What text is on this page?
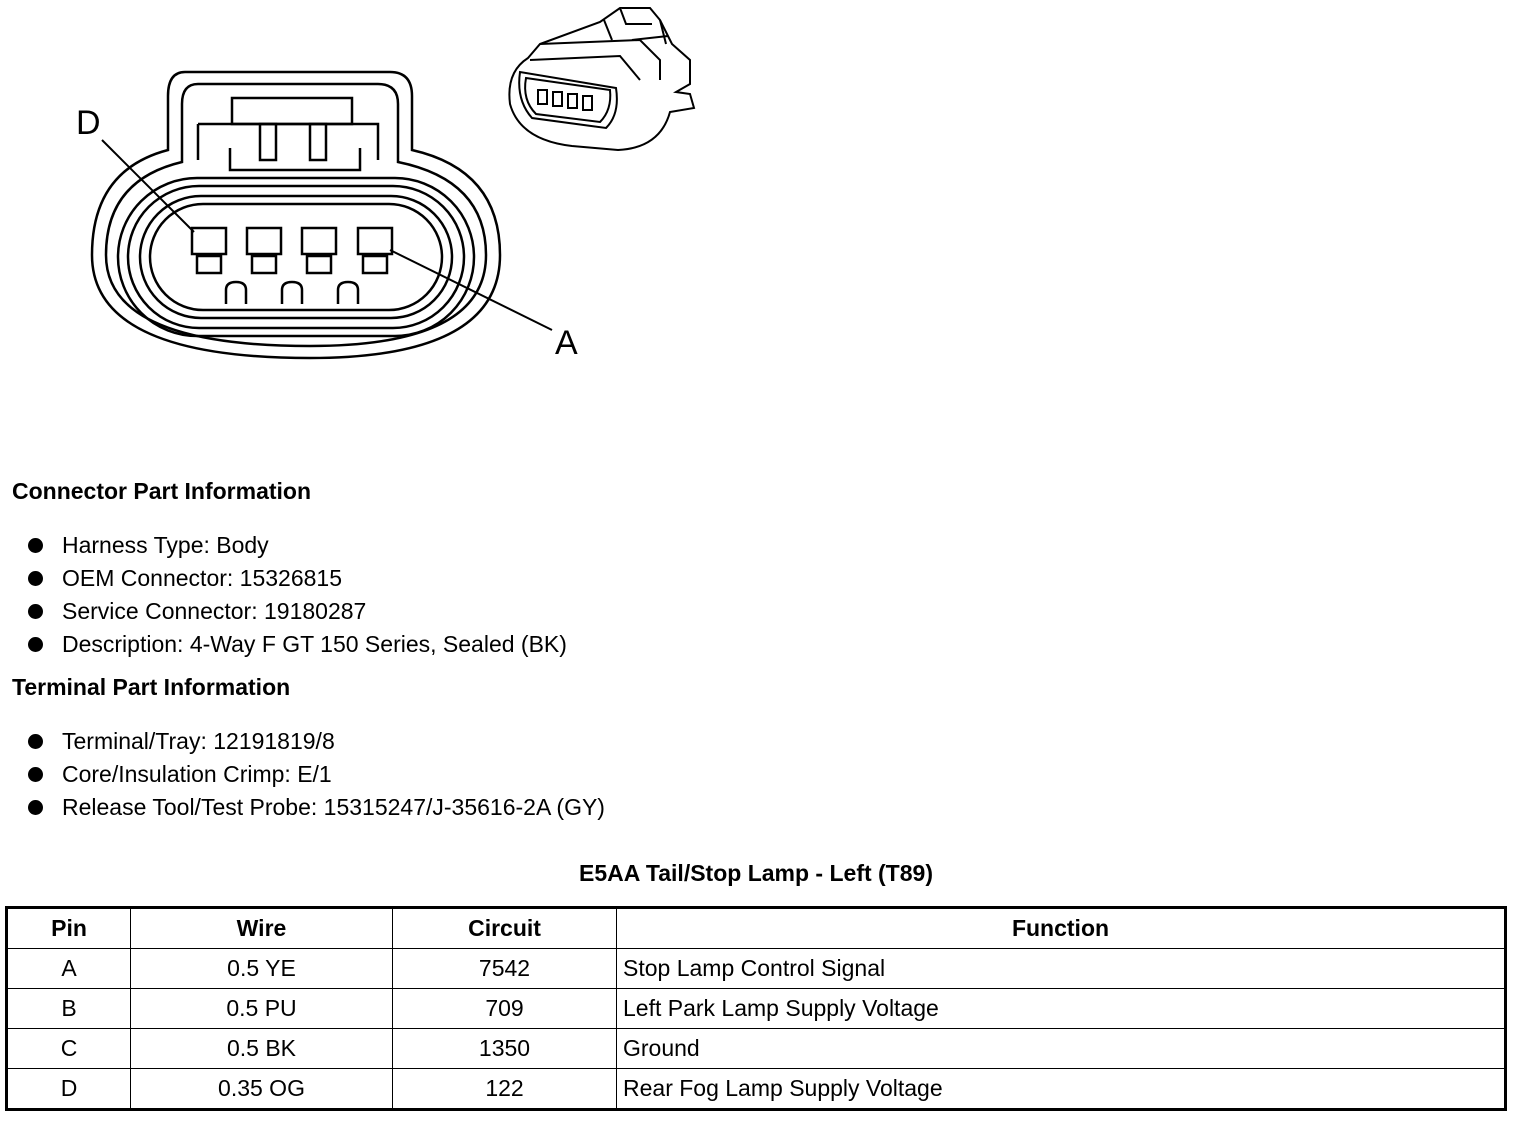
D
A
Connector Part Information
Harness Type: Body
OEM Connector: 15326815
Service Connector: 19180287
Description: 4-Way F GT 150 Series, Sealed (BK)
Terminal Part Information
Terminal/Tray: 12191819/8
Core/Insulation Crimp: E/1
Release Tool/Test Probe: 15315247/J-35616-2A (GY)
E5AA Tail/Stop Lamp - Left (T89)
Pin	Wire	Circuit	Function
A	0.5 YE	7542	Stop Lamp Control Signal
B	0.5 PU	709	Left Park Lamp Supply Voltage
C	0.5 BK	1350	Ground
D	0.35 OG	122	Rear Fog Lamp Supply Voltage
